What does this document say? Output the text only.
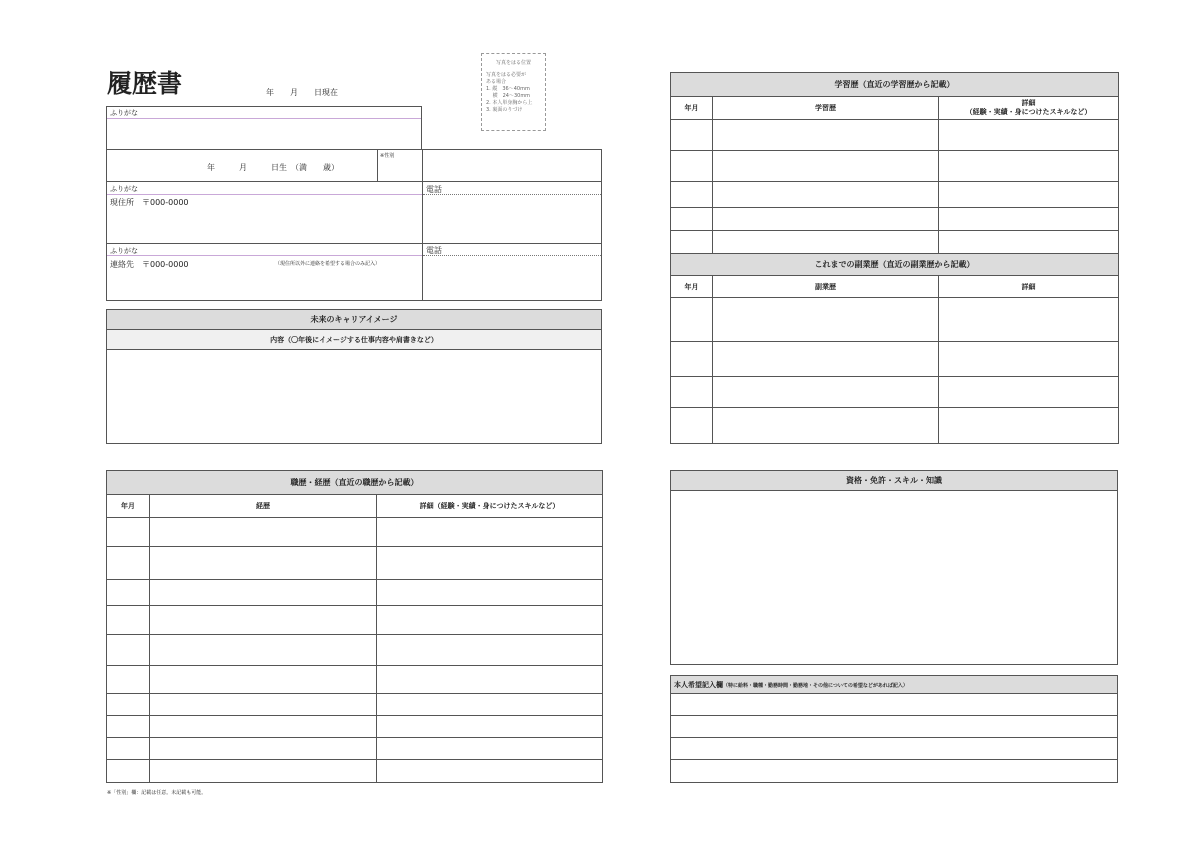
履歴書	年　　月　　日現在
写真をはる位置
写真をはる必要が
ある場合
1. 縦　36～40mm
　 横　24～30mm
2. 本人単身胸から上
3. 裏面のりづけ
ふりがな
年　　　月　　　日生　（満　　歳）
※性別
ふりがな
現住所　〒000-0000
電話
ふりがな
連絡先　〒000-0000	（現住所以外に連絡を希望する場合のみ記入）
電話
未来のキャリアイメージ
内容（〇年後にイメージする仕事内容や肩書きなど）
職歴・経歴（直近の職歴から記載）		
年月	経歴	詳細（経験・実績・身につけたスキルなど）

※「性別」欄：記載は任意。未記載も可能。
学習歴（直近の学習歴から記載）		
年月	学習歴	詳細
（経験・実績・身につけたスキルなど）

これまでの副業歴（直近の副業歴から記載）		
年月	副業歴	詳細

資格・免許・スキル・知識
本人希望記入欄（特に給料・職種・勤務時間・勤務地・その他についての希望などがあれば記入）
